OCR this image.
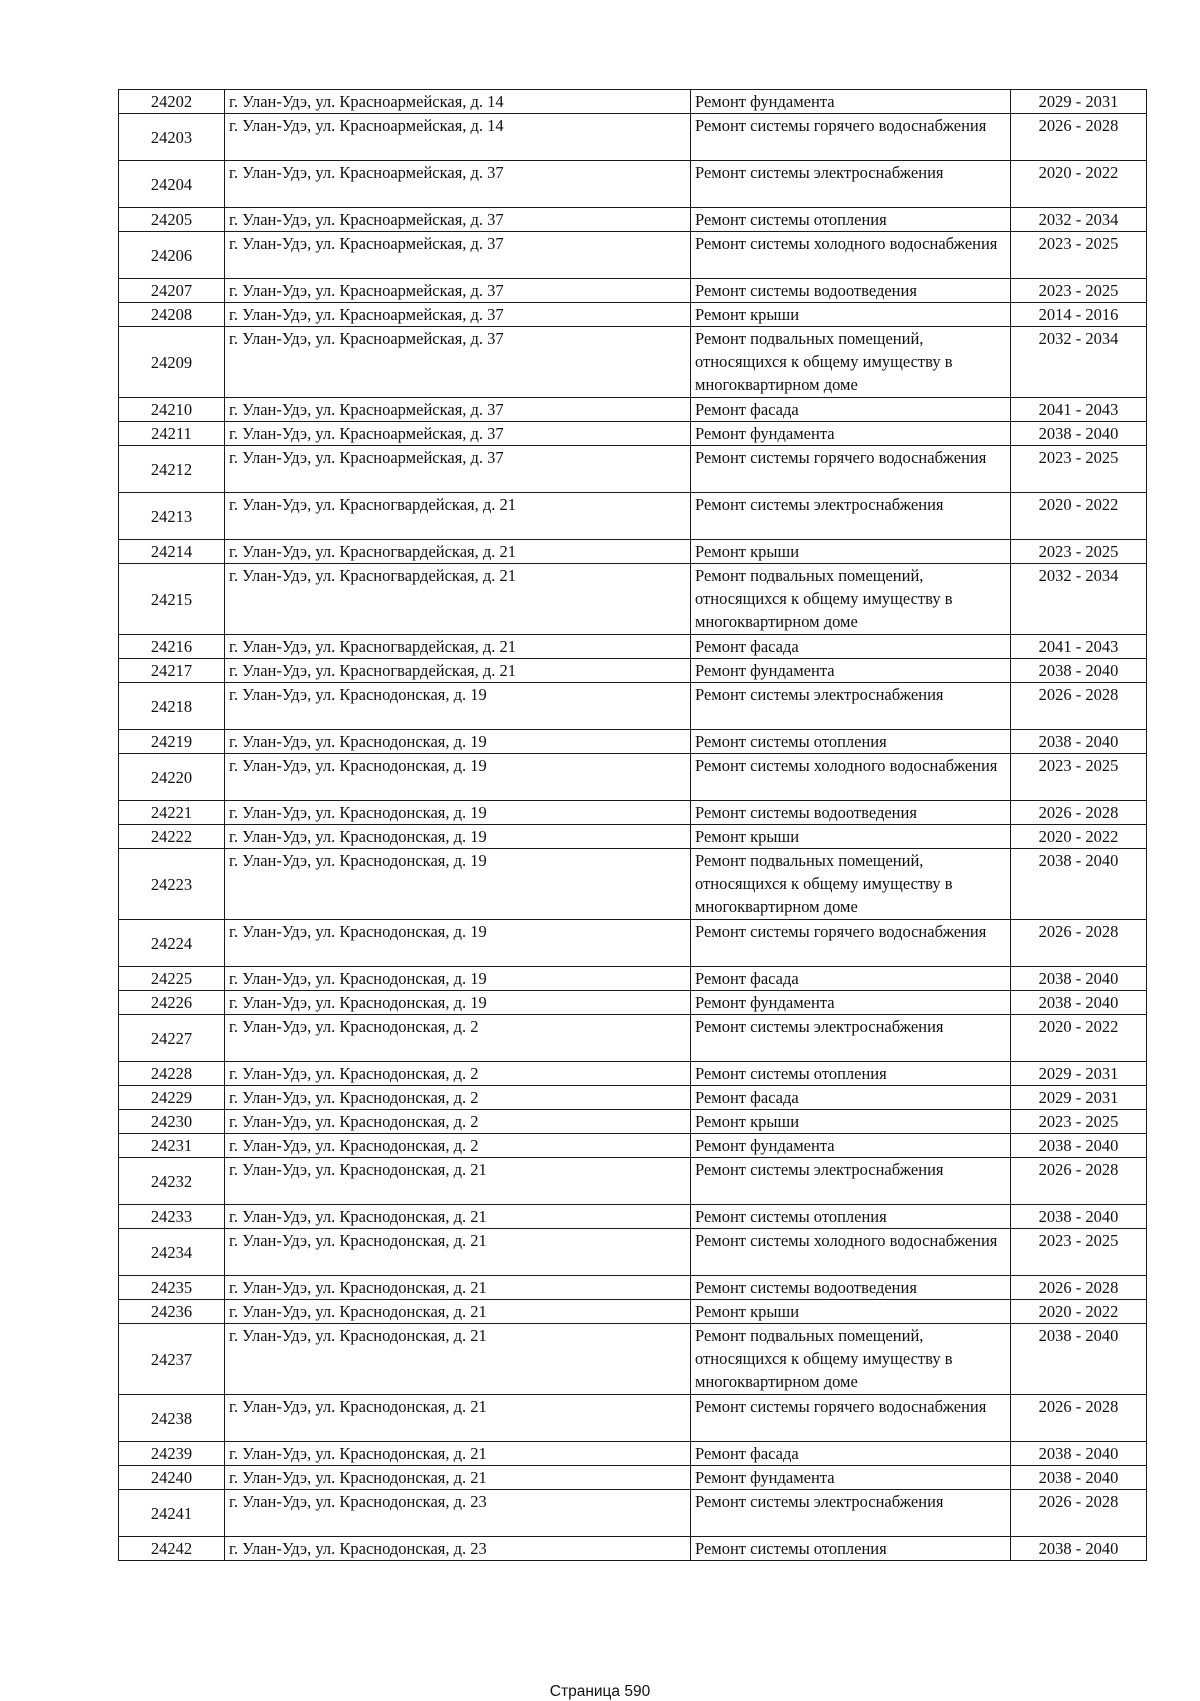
24202	г. Улан-Удэ, ул. Красноармейская, д. 14	Ремонт фундамента	2029 - 2031
24203	г. Улан-Удэ, ул. Красноармейская, д. 14	Ремонт системы горячего водоснабжения	2026 - 2028
24204	г. Улан-Удэ, ул. Красноармейская, д. 37	Ремонт системы электроснабжения	2020 - 2022
24205	г. Улан-Удэ, ул. Красноармейская, д. 37	Ремонт системы отопления	2032 - 2034
24206	г. Улан-Удэ, ул. Красноармейская, д. 37	Ремонт системы холодного водоснабжения	2023 - 2025
24207	г. Улан-Удэ, ул. Красноармейская, д. 37	Ремонт системы водоотведения	2023 - 2025
24208	г. Улан-Удэ, ул. Красноармейская, д. 37	Ремонт крыши	2014 - 2016
24209	г. Улан-Удэ, ул. Красноармейская, д. 37	Ремонт подвальных помещений, относящихся к общему имуществу в многоквартирном доме	2032 - 2034
24210	г. Улан-Удэ, ул. Красноармейская, д. 37	Ремонт фасада	2041 - 2043
24211	г. Улан-Удэ, ул. Красноармейская, д. 37	Ремонт фундамента	2038 - 2040
24212	г. Улан-Удэ, ул. Красноармейская, д. 37	Ремонт системы горячего водоснабжения	2023 - 2025
24213	г. Улан-Удэ, ул. Красногвардейская, д. 21	Ремонт системы электроснабжения	2020 - 2022
24214	г. Улан-Удэ, ул. Красногвардейская, д. 21	Ремонт крыши	2023 - 2025
24215	г. Улан-Удэ, ул. Красногвардейская, д. 21	Ремонт подвальных помещений, относящихся к общему имуществу в многоквартирном доме	2032 - 2034
24216	г. Улан-Удэ, ул. Красногвардейская, д. 21	Ремонт фасада	2041 - 2043
24217	г. Улан-Удэ, ул. Красногвардейская, д. 21	Ремонт фундамента	2038 - 2040
24218	г. Улан-Удэ, ул. Краснодонская, д. 19	Ремонт системы электроснабжения	2026 - 2028
24219	г. Улан-Удэ, ул. Краснодонская, д. 19	Ремонт системы отопления	2038 - 2040
24220	г. Улан-Удэ, ул. Краснодонская, д. 19	Ремонт системы холодного водоснабжения	2023 - 2025
24221	г. Улан-Удэ, ул. Краснодонская, д. 19	Ремонт системы водоотведения	2026 - 2028
24222	г. Улан-Удэ, ул. Краснодонская, д. 19	Ремонт крыши	2020 - 2022
24223	г. Улан-Удэ, ул. Краснодонская, д. 19	Ремонт подвальных помещений, относящихся к общему имуществу в многоквартирном доме	2038 - 2040
24224	г. Улан-Удэ, ул. Краснодонская, д. 19	Ремонт системы горячего водоснабжения	2026 - 2028
24225	г. Улан-Удэ, ул. Краснодонская, д. 19	Ремонт фасада	2038 - 2040
24226	г. Улан-Удэ, ул. Краснодонская, д. 19	Ремонт фундамента	2038 - 2040
24227	г. Улан-Удэ, ул. Краснодонская, д. 2	Ремонт системы электроснабжения	2020 - 2022
24228	г. Улан-Удэ, ул. Краснодонская, д. 2	Ремонт системы отопления	2029 - 2031
24229	г. Улан-Удэ, ул. Краснодонская, д. 2	Ремонт фасада	2029 - 2031
24230	г. Улан-Удэ, ул. Краснодонская, д. 2	Ремонт крыши	2023 - 2025
24231	г. Улан-Удэ, ул. Краснодонская, д. 2	Ремонт фундамента	2038 - 2040
24232	г. Улан-Удэ, ул. Краснодонская, д. 21	Ремонт системы электроснабжения	2026 - 2028
24233	г. Улан-Удэ, ул. Краснодонская, д. 21	Ремонт системы отопления	2038 - 2040
24234	г. Улан-Удэ, ул. Краснодонская, д. 21	Ремонт системы холодного водоснабжения	2023 - 2025
24235	г. Улан-Удэ, ул. Краснодонская, д. 21	Ремонт системы водоотведения	2026 - 2028
24236	г. Улан-Удэ, ул. Краснодонская, д. 21	Ремонт крыши	2020 - 2022
24237	г. Улан-Удэ, ул. Краснодонская, д. 21	Ремонт подвальных помещений, относящихся к общему имуществу в многоквартирном доме	2038 - 2040
24238	г. Улан-Удэ, ул. Краснодонская, д. 21	Ремонт системы горячего водоснабжения	2026 - 2028
24239	г. Улан-Удэ, ул. Краснодонская, д. 21	Ремонт фасада	2038 - 2040
24240	г. Улан-Удэ, ул. Краснодонская, д. 21	Ремонт фундамента	2038 - 2040
24241	г. Улан-Удэ, ул. Краснодонская, д. 23	Ремонт системы электроснабжения	2026 - 2028
24242	г. Улан-Удэ, ул. Краснодонская, д. 23	Ремонт системы отопления	2038 - 2040
Страница 590
